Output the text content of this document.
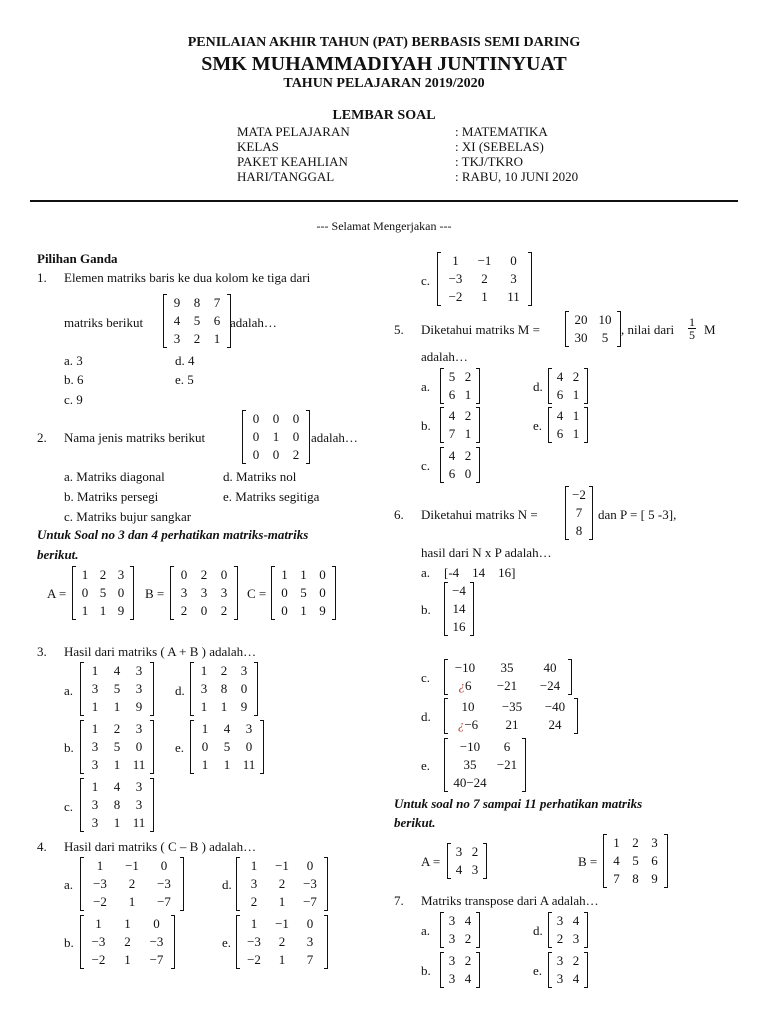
PENILAIAN AKHIR TAHUN (PAT) BERBASIS SEMI DARING
SMK MUHAMMADIYAH JUNTINYUAT
TAHUN PELAJARAN 2019/2020
LEMBAR SOAL
MATA PELAJARAN	: MATEMATIKA
KELAS	: XI (SEBELAS)
PAKET KEAHLIAN	: TKJ/TKRO
HARI/TANGGAL	: RABU, 10 JUNI 2020
--- Selamat Mengerjakan ---
Pilihan Ganda
1. Elemen matriks baris ke dua kolom ke tiga dari
matriks berikut
9	8	7
4	5	6
3	2	1
adalah…
a. 3
b. 6
c. 9
d. 4
e. 5
2. Nama jenis matriks berikut
0	0	0
0	1	0
0	0	2
adalah…
a. Matriks diagonal
b. Matriks persegi
c. Matriks bujur sangkar
d. Matriks nol
e. Matriks segitiga
Untuk Soal no 3 dan 4 perhatikan matriks-matriks
berikut.
A =
1 2 3
0 5 0
1 1 9
B =
0	2	0
3	3	3
2	0	2
C =
1 1 0
0 5 0
0 1 9
3. Hasil dari matriks ( A + B ) adalah…
a.
1	4	3
3	5	3
1	1	9
d.
1	2	3
3	8	0
1	1	9
b.
1	2	3
3	5	0
3	1 11
e.
1	4	3
0	5	0
1	1 11
c.
1	4	3
3	8	3
3	1 11
4. Hasil dari matriks ( C – B ) adalah…
a.
1	−1	0
−3	2	−3
−2	1	−7
d.
1	−1	0
3	2	−3
2	1	−7
b.
1	1	0
−3	2	−3
−2	1	−7
e.
1	−1	0
−3	2	3
−2	1	7
c.
1	−1	0
−3	2	3
−2	1	11
5. Diketahui matriks M =
20 10
30	5
, nilai dari $\frac{1}{5}$ M
adalah…
a.
5 2
6 1
d.
4 2
6 1
b.
4 2
7 1
e.
4 1
6 1
c.
4 2
6 0
6. Diketahui matriks N =
−2
7
8
dan P = [ 5 -3],
hasil dari N x P adalah…
a. [-4    14    16]
b.
−4
14
16
c.
−10	35	40
¿6	−21	−24
d.
10	−35	−40
¿−6	21	24
e.
−10	6
35	−21
40−24
Untuk soal no 7 sampai 11 perhatikan matriks
berikut.
A =
3 2
4 3
B =
1 2 3
4 5 6
7 8 9
7. Matriks transpose dari A adalah…
a.
3 4
3 2
d.
3 4
2 3
b.
3 2
3 4
e.
3 2
3 4
